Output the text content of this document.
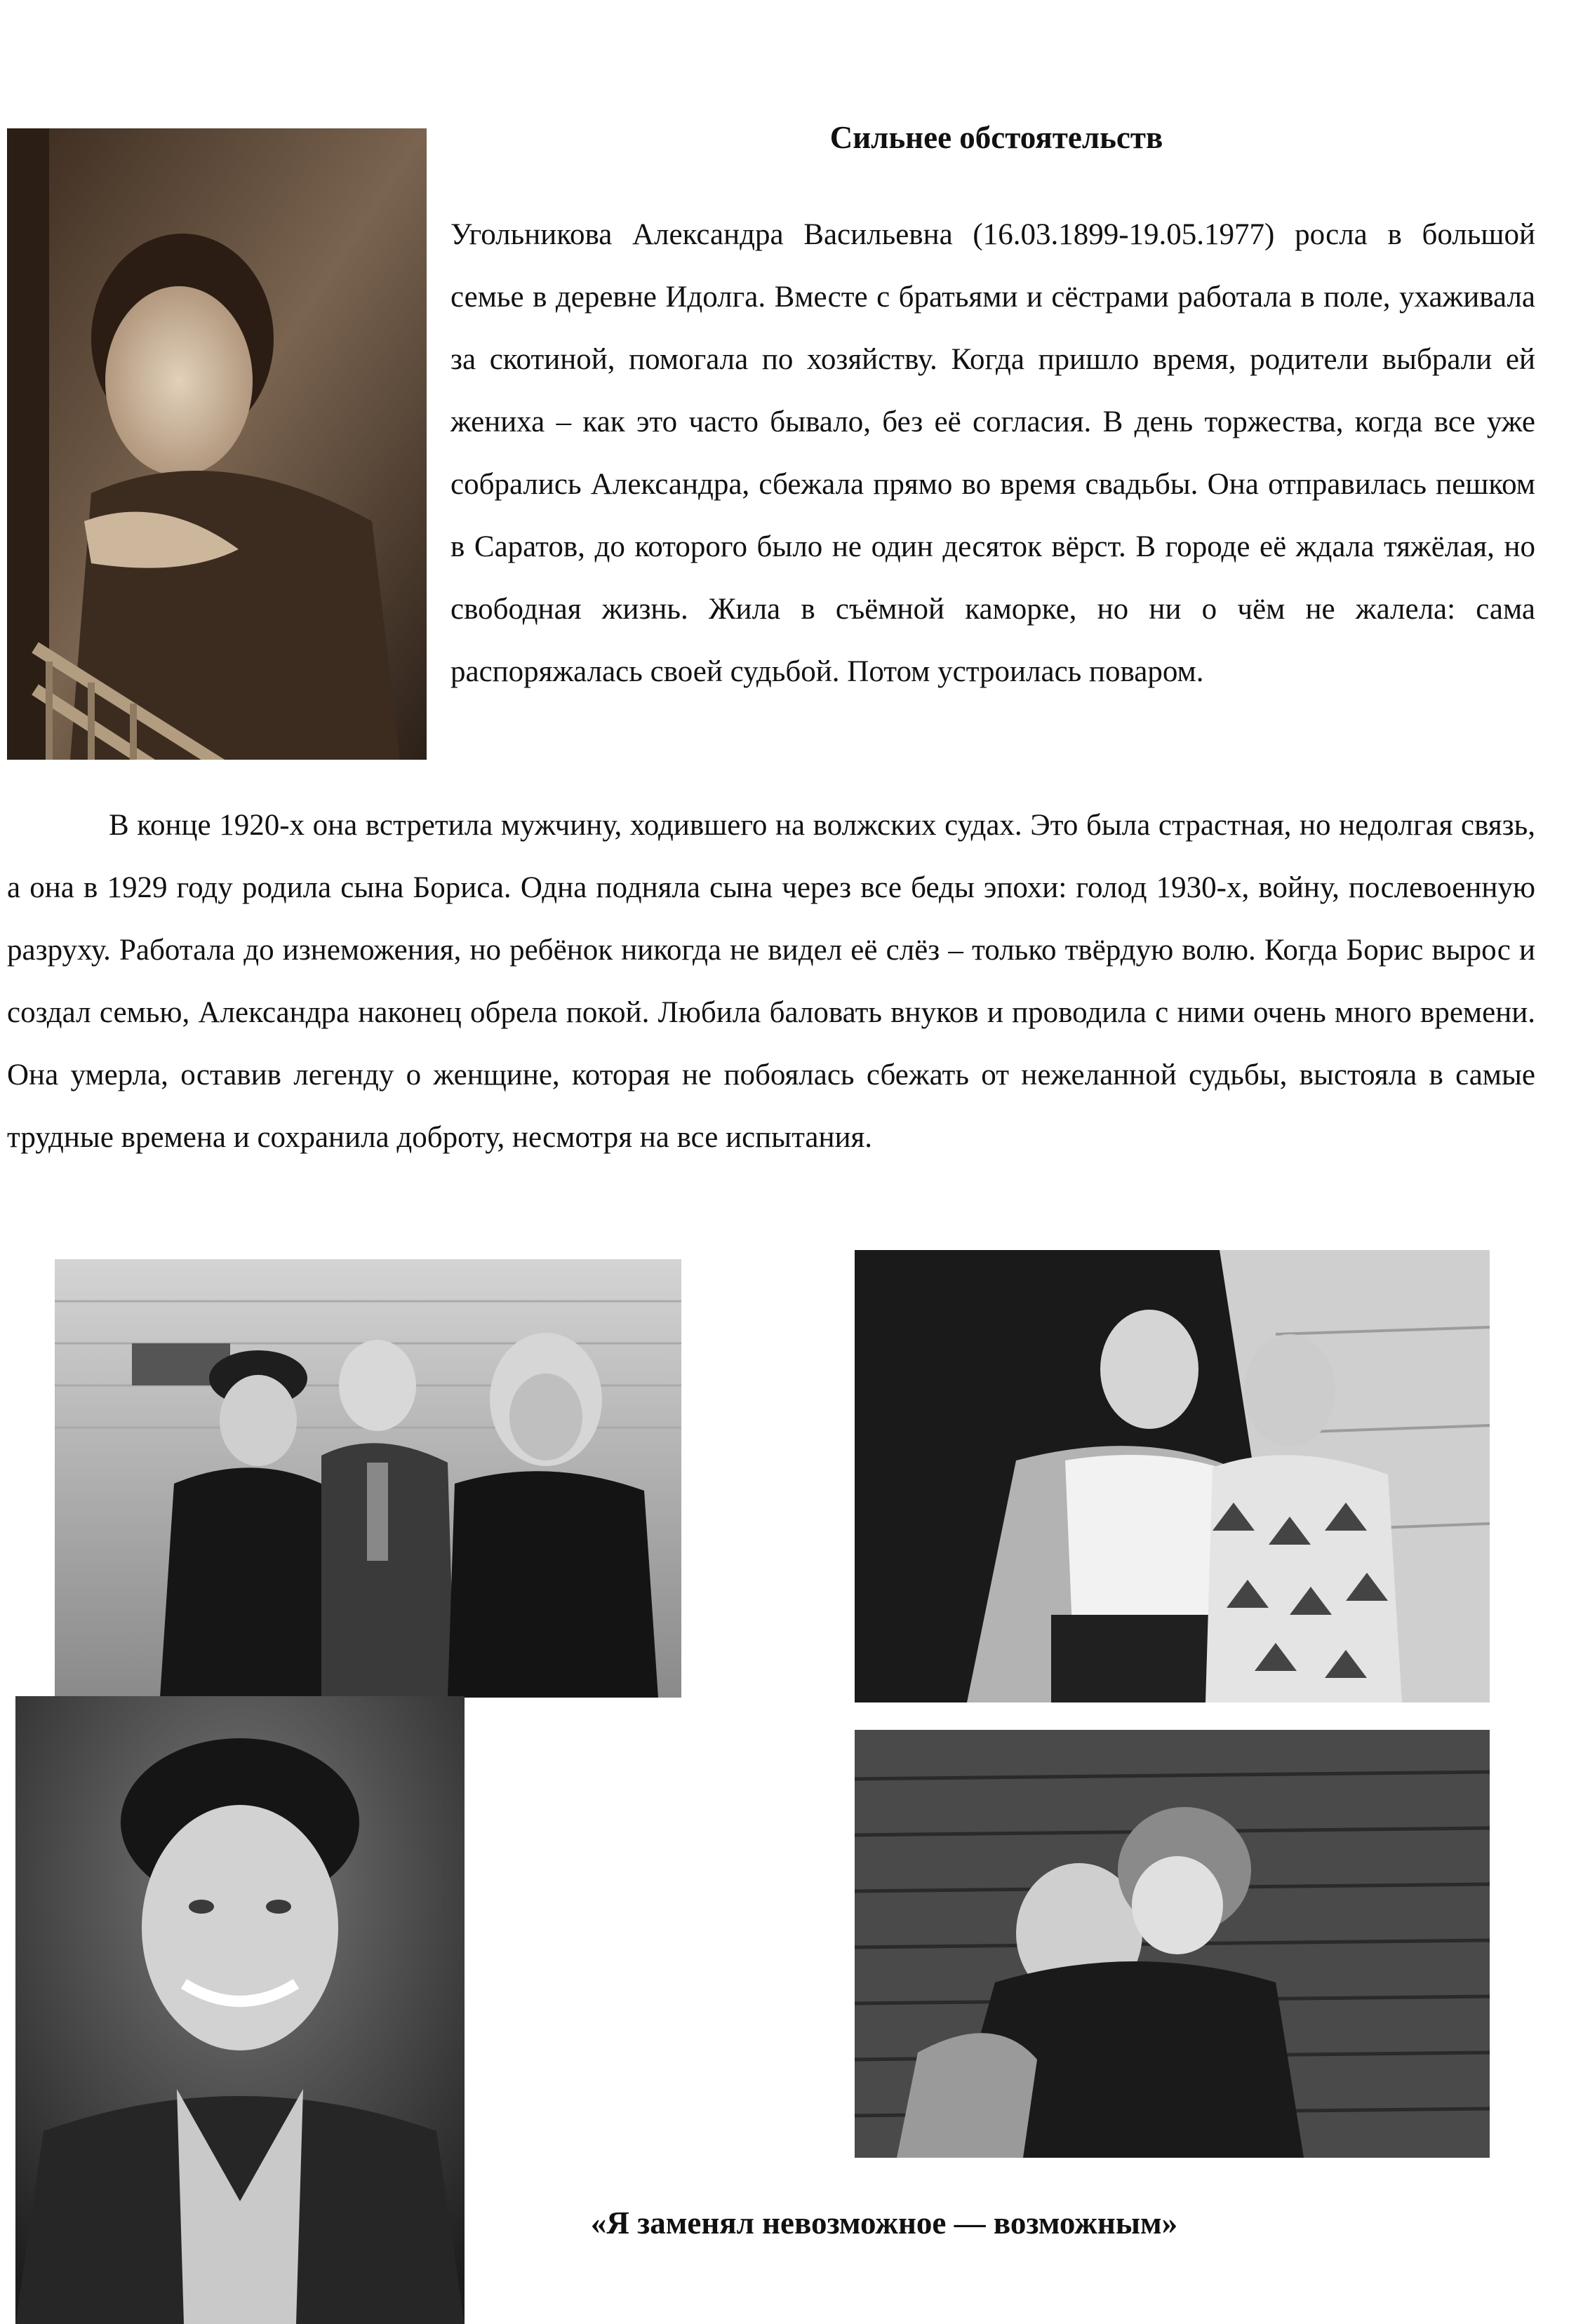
Сильнее обстоятельств

Угольникова Александра Васильевна (16.03.1899-19.05.1977) росла в большой семье в деревне Идолга. Вместе с братьями и сёстрами работала в поле, ухаживала за скотиной, помогала по хозяйству. Когда пришло время, родители выбрали ей жениха – как это часто бывало, без её согласия. В день торжества, когда все уже собрались Александра, сбежала прямо во время свадьбы. Она отправилась пешком в Саратов, до которого было не один десяток вёрст. В городе её ждала тяжёлая, но свободная жизнь. Жила в съёмной каморке, но ни о чём не жалела: сама распоряжалась своей судьбой. Потом устроилась поваром.

В конце 1920-х она встретила мужчину, ходившего на волжских судах. Это была страстная, но недолгая связь, а она в 1929 году родила сына Бориса. Одна подняла сына через все беды эпохи: голод 1930-х, войну, послевоенную разруху. Работала до изнеможения, но ребёнок никогда не видел её слёз – только твёрдую волю. Когда Борис вырос и создал семью, Александра наконец обрела покой. Любила баловать внуков и проводила с ними очень много времени. Она умерла, оставив легенду о женщине, которая не побоялась сбежать от нежеланной судьбы, выстояла в самые трудные времена и сохранила доброту, несмотря на все испытания.

«Я заменял невозможное — возможным»
